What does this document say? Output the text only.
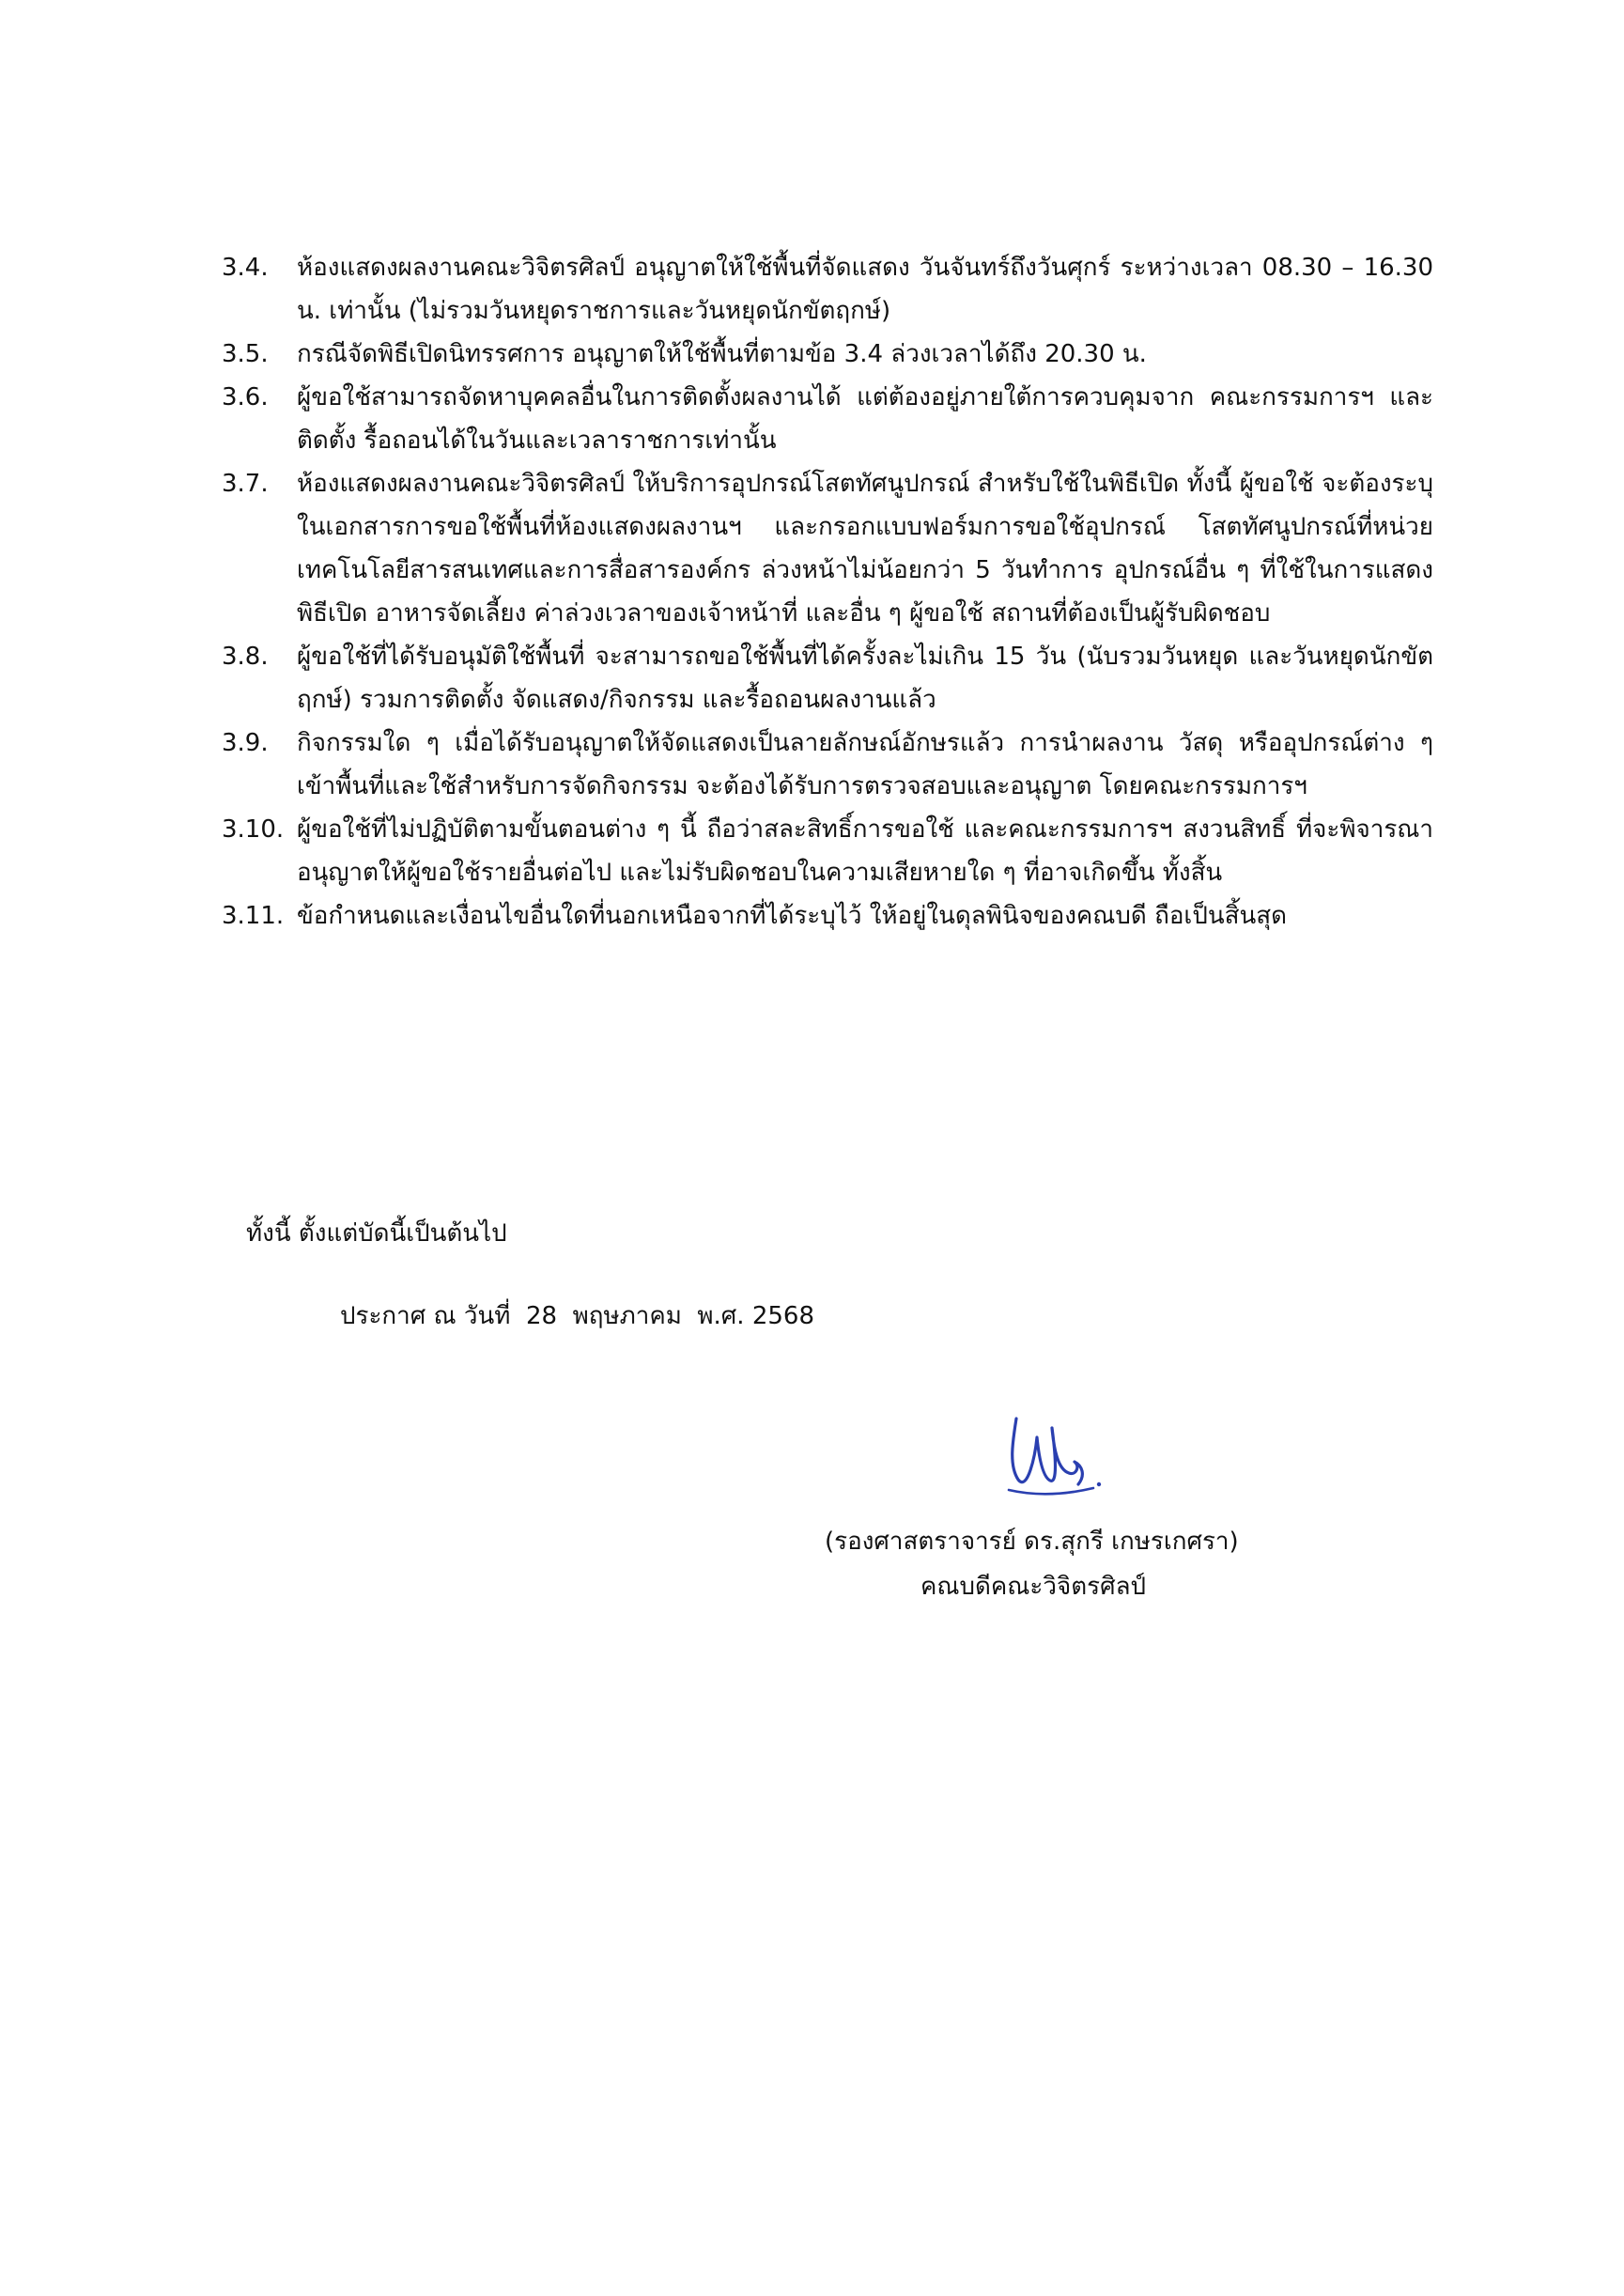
3.4.	ห้องแสดงผลงานคณะวิจิตรศิลป์ อนุญาตให้ใช้พื้นที่จัดแสดง วันจันทร์ถึงวันศุกร์ ระหว่างเวลา 08.30 – 16.30 น. เท่านั้น (ไม่รวมวันหยุดราชการและวันหยุดนักขัตฤกษ์)
3.5.	กรณีจัดพิธีเปิดนิทรรศการ อนุญาตให้ใช้พื้นที่ตามข้อ 3.4 ล่วงเวลาได้ถึง 20.30 น.
3.6.	ผู้ขอใช้สามารถจัดหาบุคคลอื่นในการติดตั้งผลงานได้ แต่ต้องอยู่ภายใต้การควบคุมจาก คณะกรรมการฯ และติดตั้ง รื้อถอนได้ในวันและเวลาราชการเท่านั้น
3.7.	ห้องแสดงผลงานคณะวิจิตรศิลป์ ให้บริการอุปกรณ์โสตทัศนูปกรณ์ สำหรับใช้ในพิธีเปิด ทั้งนี้ ผู้ขอใช้ จะต้องระบุในเอกสารการขอใช้พื้นที่ห้องแสดงผลงานฯ และกรอกแบบฟอร์มการขอใช้อุปกรณ์ โสตทัศนูปกรณ์ที่หน่วยเทคโนโลยีสารสนเทศและการสื่อสารองค์กร ล่วงหน้าไม่น้อยกว่า 5 วันทำการ อุปกรณ์อื่น ๆ ที่ใช้ในการแสดง พิธีเปิด อาหารจัดเลี้ยง ค่าล่วงเวลาของเจ้าหน้าที่ และอื่น ๆ ผู้ขอใช้ สถานที่ต้องเป็นผู้รับผิดชอบ
3.8.	ผู้ขอใช้ที่ได้รับอนุมัติใช้พื้นที่ จะสามารถขอใช้พื้นที่ได้ครั้งละไม่เกิน 15 วัน (นับรวมวันหยุด และวันหยุดนักขัตฤกษ์) รวมการติดตั้ง จัดแสดง/กิจกรรม และรื้อถอนผลงานแล้ว
3.9.	กิจกรรมใด ๆ เมื่อได้รับอนุญาตให้จัดแสดงเป็นลายลักษณ์อักษรแล้ว การนำผลงาน วัสดุ หรืออุปกรณ์ต่าง ๆ เข้าพื้นที่และใช้สำหรับการจัดกิจกรรม จะต้องได้รับการตรวจสอบและอนุญาต โดยคณะกรรมการฯ
3.10. ผู้ขอใช้ที่ไม่ปฏิบัติตามขั้นตอนต่าง ๆ นี้ ถือว่าสละสิทธิ์การขอใช้ และคณะกรรมการฯ สงวนสิทธิ์ ที่จะพิจารณาอนุญาตให้ผู้ขอใช้รายอื่นต่อไป และไม่รับผิดชอบในความเสียหายใด ๆ ที่อาจเกิดขึ้น ทั้งสิ้น
3.11. ข้อกำหนดและเงื่อนไขอื่นใดที่นอกเหนือจากที่ได้ระบุไว้ ให้อยู่ในดุลพินิจของคณบดี ถือเป็นสิ้นสุด
ทั้งนี้ ตั้งแต่บัดนี้เป็นต้นไป
ประกาศ ณ วันที่  28  พฤษภาคม  พ.ศ. 2568
(รองศาสตราจารย์ ดร.สุกรี เกษรเกศรา)
คณบดีคณะวิจิตรศิลป์
